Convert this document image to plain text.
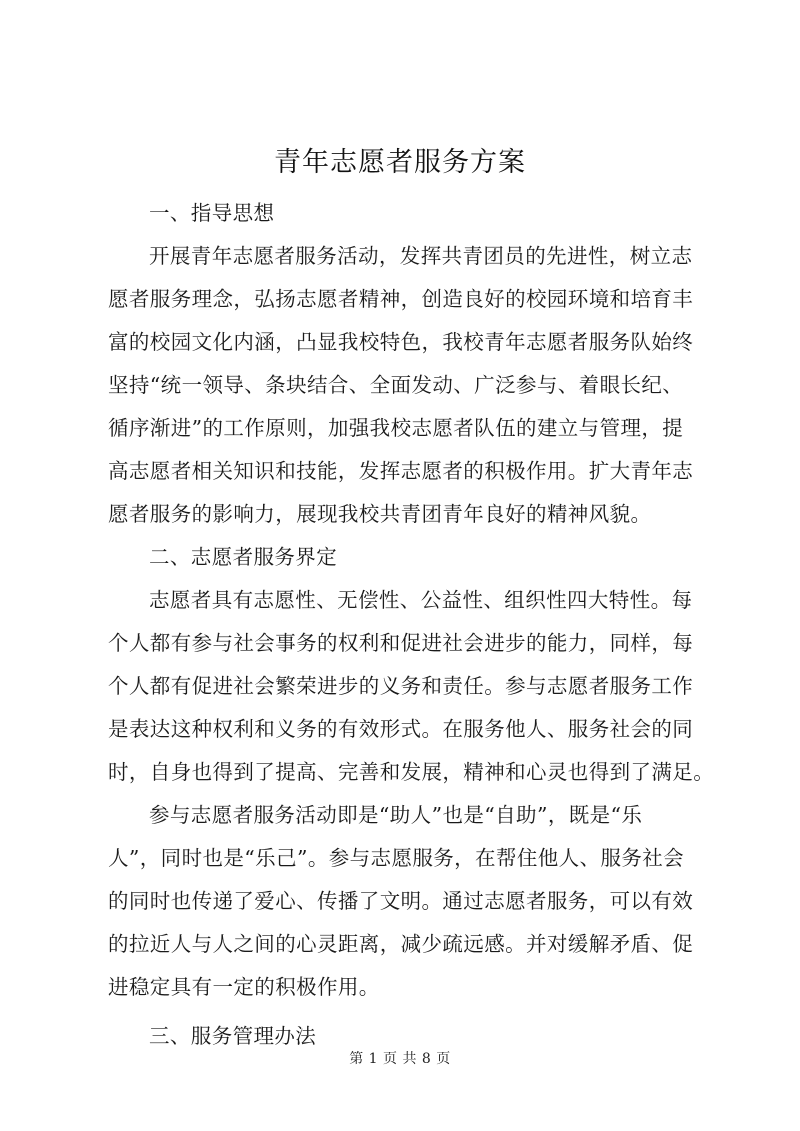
青年志愿者服务方案
一、指导思想
开展青年志愿者服务活动，发挥共青团员的先进性，树立志
愿者服务理念，弘扬志愿者精神，创造良好的校园环境和培育丰
富的校园文化内涵，凸显我校特色，我校青年志愿者服务队始终
坚持“统一领导、条块结合、全面发动、广泛参与、着眼长纪、
循序渐进”的工作原则，加强我校志愿者队伍的建立与管理，提
高志愿者相关知识和技能，发挥志愿者的积极作用。扩大青年志
愿者服务的影响力，展现我校共青团青年良好的精神风貌。
二、志愿者服务界定
志愿者具有志愿性、无偿性、公益性、组织性四大特性。每
个人都有参与社会事务的权利和促进社会进步的能力，同样，每
个人都有促进社会繁荣进步的义务和责任。参与志愿者服务工作
是表达这种权利和义务的有效形式。在服务他人、服务社会的同
时，自身也得到了提高、完善和发展，精神和心灵也得到了满足。
参与志愿者服务活动即是“助人”也是“自助”，既是“乐
人”，同时也是“乐己”。参与志愿服务，在帮住他人、服务社会
的同时也传递了爱心、传播了文明。通过志愿者服务，可以有效
的拉近人与人之间的心灵距离，减少疏远感。并对缓解矛盾、促
进稳定具有一定的积极作用。
三、服务管理办法
第 1 页 共 8 页
